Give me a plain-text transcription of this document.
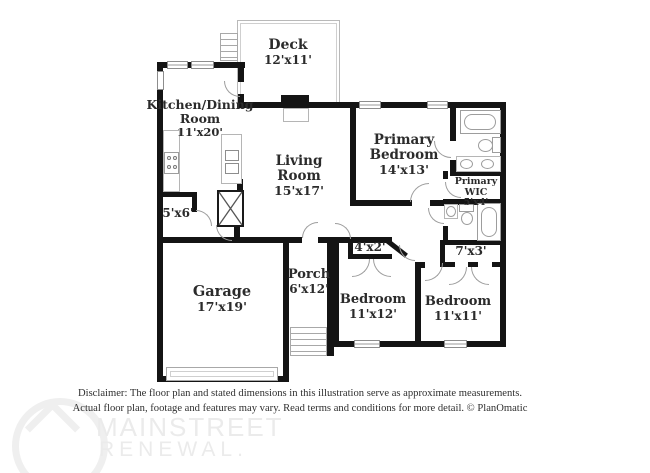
Deck
12'x11'
Kitchen/Dining Room
11'x20'
Living Room
15'x17'
Primary Bedroom
14'x13'
Primary WIC
5'x4'
Garage
17'x19'
Porch
6'x12'
Bedroom
11'x12'
Bedroom
11'x11'
5'x6'
4'x2'	7'x3'
Disclaimer: The floor plan and stated dimensions in this illustration serve as approximate measurements.
Actual floor plan, footage and features may vary. Read terms and conditions for more detail. © PlanOmatic
MAINSTREET
RENEWAL.
